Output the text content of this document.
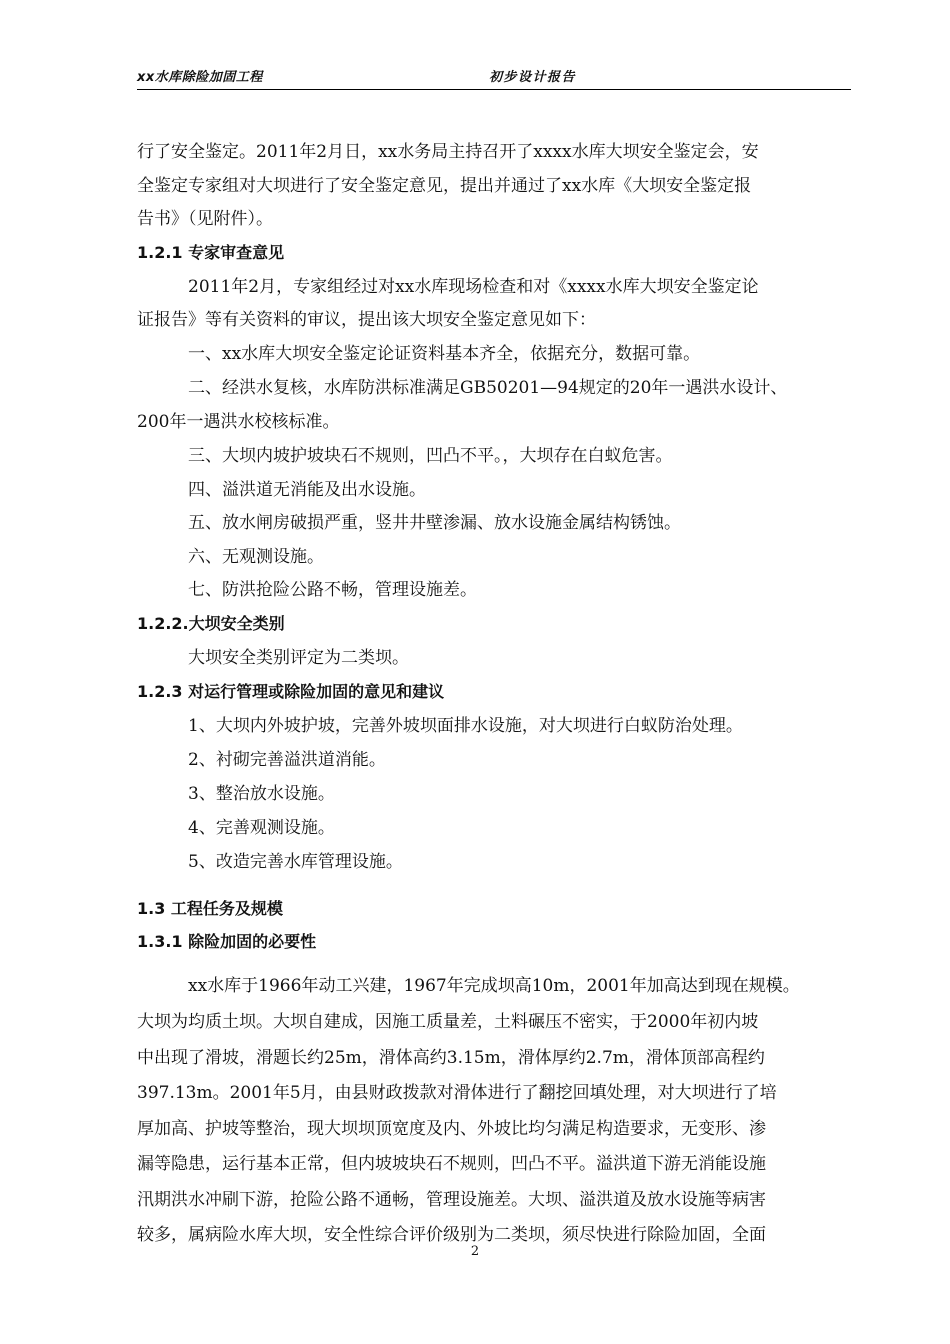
xx水库除险加固工程	初步设计报告
行了安全鉴定。2011年2月日，xx水务局主持召开了xxxx水库大坝安全鉴定会，安
全鉴定专家组对大坝进行了安全鉴定意见，提出并通过了xx水库《大坝安全鉴定报
告书》（见附件）。
1.2.1 专家审查意见
2011年2月，专家组经过对xx水库现场检查和对《xxxx水库大坝安全鉴定论
证报告》等有关资料的审议，提出该大坝安全鉴定意见如下：
一、xx水库大坝安全鉴定论证资料基本齐全，依据充分，数据可靠。
二、经洪水复核，水库防洪标准满足GB50201—94规定的20年一遇洪水设计、
200年一遇洪水校核标准。
三、大坝内坡护坡块石不规则，凹凸不平。，大坝存在白蚁危害。
四、溢洪道无消能及出水设施。
五、放水闸房破损严重，竖井井壁渗漏、放水设施金属结构锈蚀。
六、无观测设施。
七、防洪抢险公路不畅，管理设施差。
1.2.2.大坝安全类别
大坝安全类别评定为二类坝。
1.2.3 对运行管理或除险加固的意见和建议
1、大坝内外坡护坡，完善外坡坝面排水设施，对大坝进行白蚁防治处理。
2、衬砌完善溢洪道消能。
3、整治放水设施。
4、完善观测设施。
5、改造完善水库管理设施。
1.3 工程任务及规模
1.3.1 除险加固的必要性
xx水库于1966年动工兴建，1967年完成坝高10m，2001年加高达到现在规模。
大坝为均质土坝。大坝自建成，因施工质量差，土料碾压不密实，于2000年初内坡
中出现了滑坡，滑题长约25m，滑体高约3.15m，滑体厚约2.7m，滑体顶部高程约
397.13m。2001年5月，由县财政拨款对滑体进行了翻挖回填处理，对大坝进行了培
厚加高、护坡等整治，现大坝坝顶宽度及内、外坡比均匀满足构造要求，无变形、渗
漏等隐患，运行基本正常，但内坡坡块石不规则，凹凸不平。溢洪道下游无消能设施
汛期洪水冲刷下游，抢险公路不通畅，管理设施差。大坝、溢洪道及放水设施等病害
较多，属病险水库大坝，安全性综合评价级别为二类坝，须尽快进行除险加固，全面
2
